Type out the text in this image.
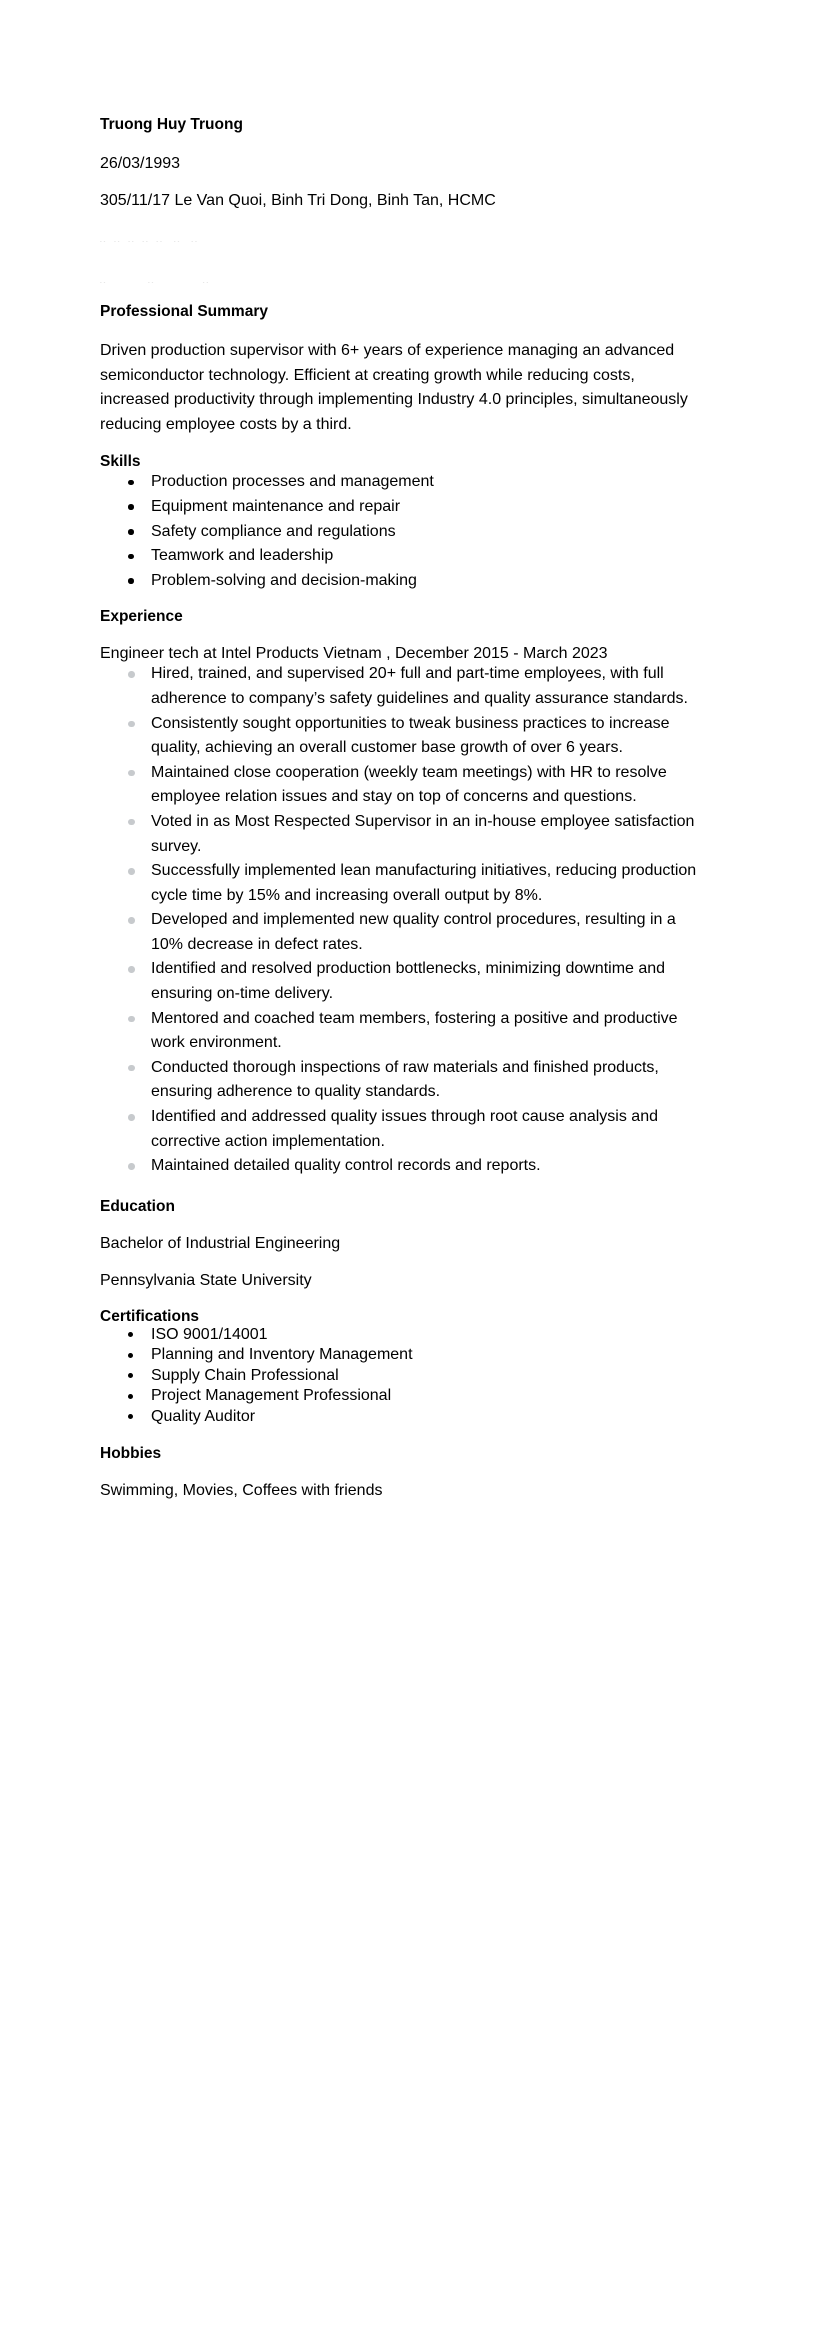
Truong Huy Truong
26/03/1993
305/11/17 Le Van Quoi, Binh Tri Dong, Binh Tan, HCMC
--  --  --  --  --   --   --
--            --              --
Professional Summary

Driven production supervisor with 6+ years of experience managing an advanced semiconductor technology. Efficient at creating growth while reducing costs, increased productivity through implementing Industry 4.0 principles, simultaneously reducing employee costs by a third.

Skills
Production processes and management
Equipment maintenance and repair
Safety compliance and regulations
Teamwork and leadership
Problem-solving and decision-making
Experience
Engineer tech at Intel Products Vietnam , December 2015 - March 2023
Hired, trained, and supervised 20+ full and part-time employees, with full adherence to company’s safety guidelines and quality assurance standards.
Consistently sought opportunities to tweak business practices to increase quality, achieving an overall customer base growth of over 6 years.
Maintained close cooperation (weekly team meetings) with HR to resolve employee relation issues and stay on top of concerns and questions.
Voted in as Most Respected Supervisor in an in-house employee satisfaction survey.
Successfully implemented lean manufacturing initiatives, reducing production cycle time by 15% and increasing overall output by 8%.
Developed and implemented new quality control procedures, resulting in a 10% decrease in defect rates.
Identified and resolved production bottlenecks, minimizing downtime and ensuring on-time delivery.
Mentored and coached team members, fostering a positive and productive work environment.
Conducted thorough inspections of raw materials and finished products, ensuring adherence to quality standards.
Identified and addressed quality issues through root cause analysis and corrective action implementation.
Maintained detailed quality control records and reports.
Education
Bachelor of Industrial Engineering
Pennsylvania State University
Certifications
ISO 9001/14001
Planning and Inventory Management
Supply Chain Professional
Project Management Professional
Quality Auditor
Hobbies
Swimming, Movies, Coffees with friends
